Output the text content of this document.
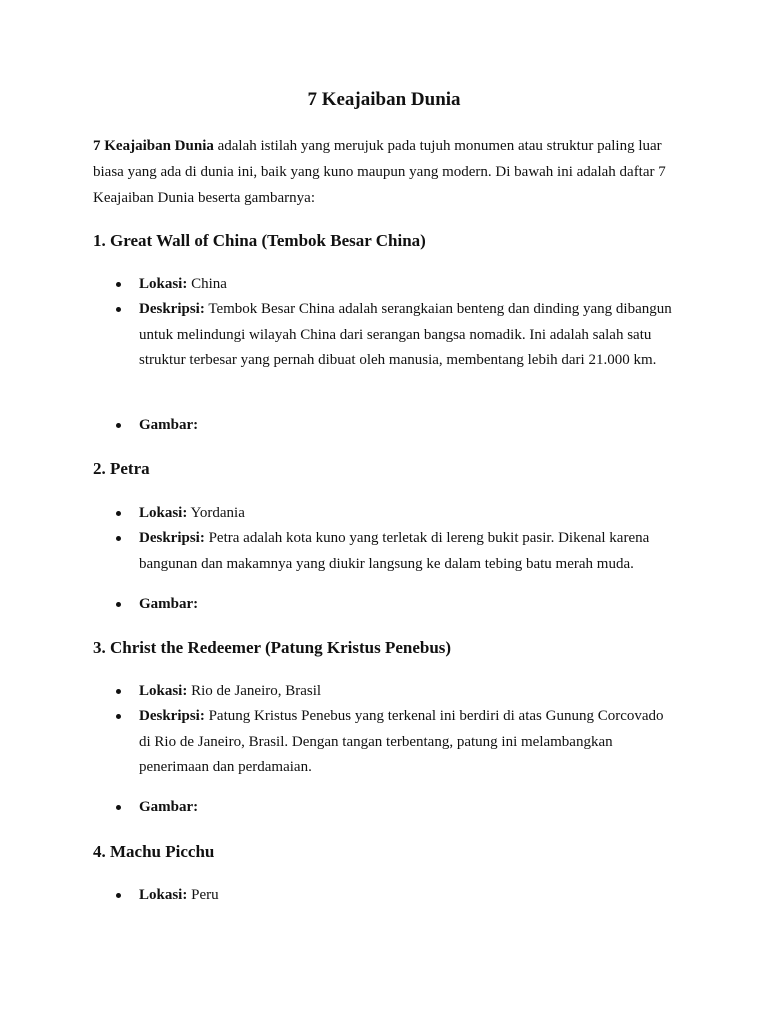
7 Keajaiban Dunia

7 Keajaiban Dunia adalah istilah yang merujuk pada tujuh monumen atau struktur paling luar biasa yang ada di dunia ini, baik yang kuno maupun yang modern. Di bawah ini adalah daftar 7 Keajaiban Dunia beserta gambarnya:

1. Great Wall of China (Tembok Besar China)

Lokasi: China

Deskripsi: Tembok Besar China adalah serangkaian benteng dan dinding yang dibangun untuk melindungi wilayah China dari serangan bangsa nomadik. Ini adalah salah satu struktur terbesar yang pernah dibuat oleh manusia, membentang lebih dari 21.000 km.

Gambar:

2. Petra

Lokasi: Yordania

Deskripsi: Petra adalah kota kuno yang terletak di lereng bukit pasir. Dikenal karena bangunan dan makamnya yang diukir langsung ke dalam tebing batu merah muda.

Gambar:

3. Christ the Redeemer (Patung Kristus Penebus)

Lokasi: Rio de Janeiro, Brasil

Deskripsi: Patung Kristus Penebus yang terkenal ini berdiri di atas Gunung Corcovado di Rio de Janeiro, Brasil. Dengan tangan terbentang, patung ini melambangkan penerimaan dan perdamaian.

Gambar:

4. Machu Picchu

Lokasi: Peru
